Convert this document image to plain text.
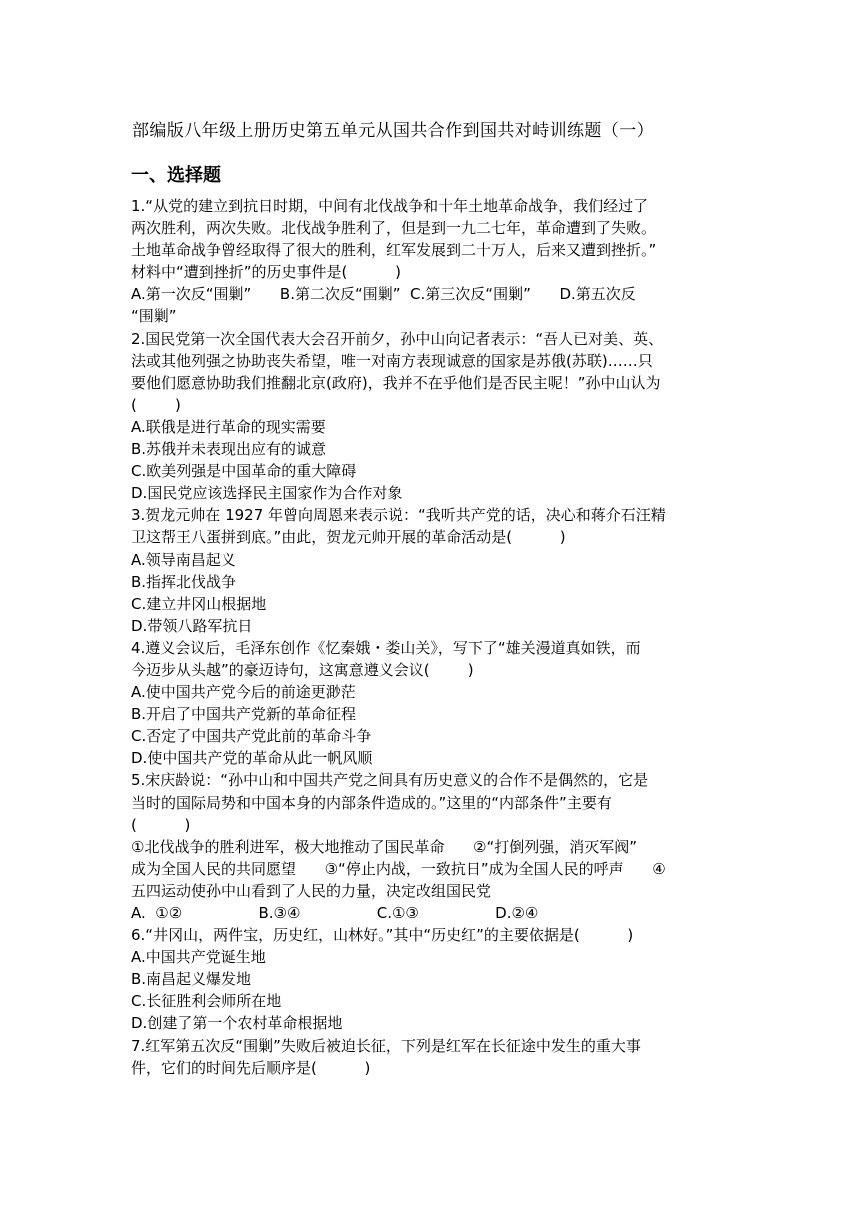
部编版八年级上册历史第五单元从国共合作到国共对峙训练题（一）
一、选择题

1.“从党的建立到抗日时期，中间有北伐战争和十年土地革命战争，我们经过了

两次胜利，两次失败。北伐战争胜利了，但是到一九二七年，革命遭到了失败。

土地革命战争曾经取得了很大的胜利，红军发展到二十万人，后来又遭到挫折。”

材料中“遭到挫折”的历史事件是(          )

A.第一次反“围剿”      B.第二次反“围剿”  C.第三次反“围剿”      D.第五次反

“围剿”

2.国民党第一次全国代表大会召开前夕，孙中山向记者表示：“吾人已对美、英、

法或其他列强之协助丧失希望，唯一对南方表现诚意的国家是苏俄(苏联)……只

要他们愿意协助我们推翻北京(政府)，我并不在乎他们是否民主呢！”孙中山认为

(        )

A.联俄是进行革命的现实需要

B.苏俄并未表现出应有的诚意

C.欧美列强是中国革命的重大障碍

D.国民党应该选择民主国家作为合作对象

3.贺龙元帅在 1927 年曾向周恩来表示说：“我听共产党的话，决心和蒋介石汪精

卫这帮王八蛋拼到底。”由此，贺龙元帅开展的革命活动是(          )

A.领导南昌起义

B.指挥北伐战争

C.建立井冈山根据地

D.带领八路军抗日

4.遵义会议后，毛泽东创作《忆秦娥・娄山关》，写下了“雄关漫道真如铁，而

今迈步从头越”的豪迈诗句，这寓意遵义会议(        )

A.使中国共产党今后的前途更渺茫

B.开启了中国共产党新的革命征程

C.否定了中国共产党此前的革命斗争

D.使中国共产党的革命从此一帆风顺

5.宋庆龄说：“孙中山和中国共产党之间具有历史意义的合作不是偶然的，它是

当时的国际局势和中国本身的内部条件造成的。”这里的“内部条件”主要有

(          )

①北伐战争的胜利进军，极大地推动了国民革命      ②“打倒列强，消灭军阀”

成为全国人民的共同愿望      ③“停止内战，一致抗日”成为全国人民的呼声      ④

五四运动使孙中山看到了人民的力量，决定改组国民党

A.  ①②                B.③④                C.①③                D.②④

6.“井冈山，两件宝，历史红，山林好。”其中“历史红”的主要依据是(          )

A.中国共产党诞生地

B.南昌起义爆发地

C.长征胜利会师所在地

D.创建了第一个农村革命根据地

7.红军第五次反“围剿”失败后被迫长征，下列是红军在长征途中发生的重大事

件，它们的时间先后顺序是(          )
